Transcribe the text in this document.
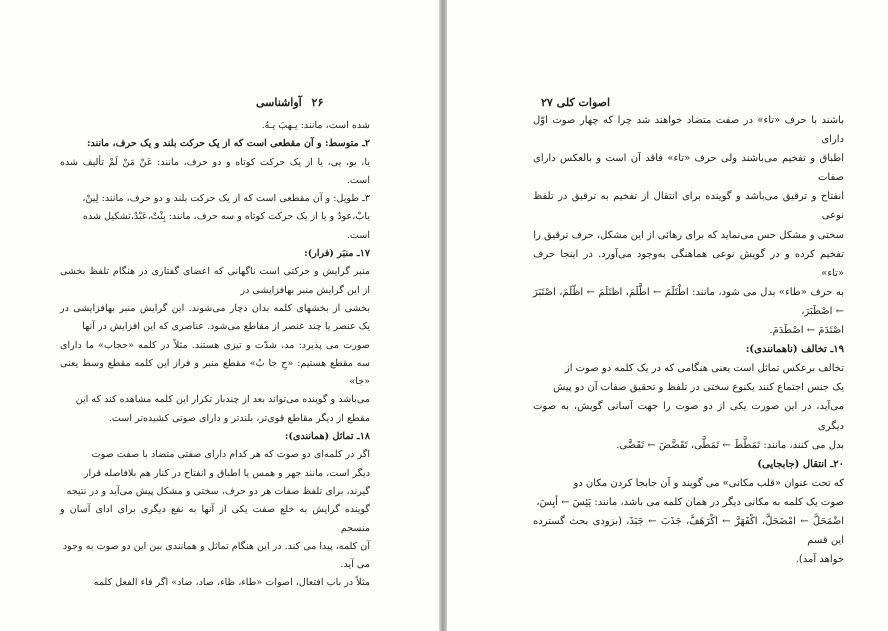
۲۶ آواشناسی

شده است، مانند: یـهبَ یـهُ.

۲ـ متوسط: و آن مقطعی است که از یک حرکت بلند و یک حرف، مانند:

یا، یو، یی، یا از یک حرکت کوتاه و دو حرف، مانند: عَنْ مَنْ لَمْ تألیف شده است.

۳ـ طویل: و آن مقطعی است که از یک حرکت بلند و دو حرف، مانند: لِینْ،

بابْ،عودٌ و یا از یک حرکت کوتاه و سه حرف، مانند: بِنْتٌ،عَبْدٌ،تشکیل شده

است.

۱۷ـ منبَر (فرار):

منبر گرایش و حرکتی است ناگهانی که اعضای گفتاری در هنگام تلفظ بخشی از این گرایش منبر بهافزایشی در

بخشی از بخشهای کلمه بدان دچار می‌شوند. این گرایش منبر بهافزایشی در یک عنصر یا چند عنصر از مقاطع می‌شود. عناصری که این افزایش در آنها

صورت می پذیرد: مد، شدّت و تیزی هستند. مثلاً در کلمه «حجاب» ما دارای سه مقطع هستیم: «حِ جا بُ» مقطع منبر و فراز این کلمه مقطع وسط یعنی «جا»

می‌باشد و گوینده می‌تواند بعد از چندبار تکرار این کلمه مشاهده کند که این

مقطع از دیگر مقاطع قوی‌تر، بلندتر و دارای صوتی کشیده‌تر است.

۱۸ـ تماثل (همانندی):

اگر در کلمه‌ای دو صوت که هر کدام دارای صفتی متضاد با صفت صوت

دیگر است، مانند جهر و همس یا اطباق و انفتاح در کنار هم بلافاصله قرار

گیرند، برای تلفظ صفات هر دو حرف، سختی و مشکل پیش می‌آید و در نتیجه

گوینده گرایش به خلع صفت یکی از آنها به نفع دیگری برای ادای آسان و منسجم

آن کلمه، پیدا می کند. در این هنگام تماثل و همانندی بین این دو صوت به وجود

می آید.

مثلاً در باب افتعال، اصوات «طاء، ظاء، صاد، ضاد» اگر فاء الفعل کلمه

اصوات کلی ۲۷

باشند با حرف «تاء» در صفت متضاد خواهند شد چرا که چهار صوت اوّل دارای

اطباق و تفخیم می‌باشند ولی حرف «تاء» فاقد آن است و بالعکس دارای صفات

انفتاح و ترقیق می‌باشد و گوینده برای انتقال از تفخیم به ترقیق در تلفظ نوعی

سختی و مشکل حس می‌نماید که برای رهائی از این مشکل، حرف ترقیق را

تفخیم کرده و در گویش نوعی هماهنگی به‌وجود می‌آورد. در اینجا حرف «تاء»

به حرف «طاء» بدل می شود، مانند: اطْتَلَمَ ← اطَّلَمَ، اظتَلَمَ ← اظّلَمَ، اصْتَبَرَ ← اصْطَبَرَ،

اصْتَدَمَ ← اصْطَدَمَ.

۱۹ـ تخالف (ناهمانندی):

تخالف برعکس تماثل است یعنی هنگامی که در یک کلمه دو صوت از

یک جنس اجتماع کنند یکنوع سختی در تلفظ و تحقیق صفات آن دو پیش

می‌آید، در این صورت یکی از دو صوت را جهت آسانی گویش، به صوت دیگری

بدل می کنند، مانند: تَمَطَّطَ ← تَمَطَّى، تَقَضَّضَ ← تَقَضَّى.

۲۰ـ انتقال (جابجایی)

که تحت عنوان «قلب مکانی» می گویند و آن جابجا کردن مکان دو

صوت یک کلمه به مکانی دیگر در همان کلمه می باشد، مانند: یَئِسَ ← أیِسَ،

اضْمَحَلَّ ← امْضَحَلَّ، اکْفَهَرَّ ← اکْرَهَفَّ، جَذَبَ ← جَبَذَ، (بزودی بحث گسترده این قسم

خواهد آمد).
